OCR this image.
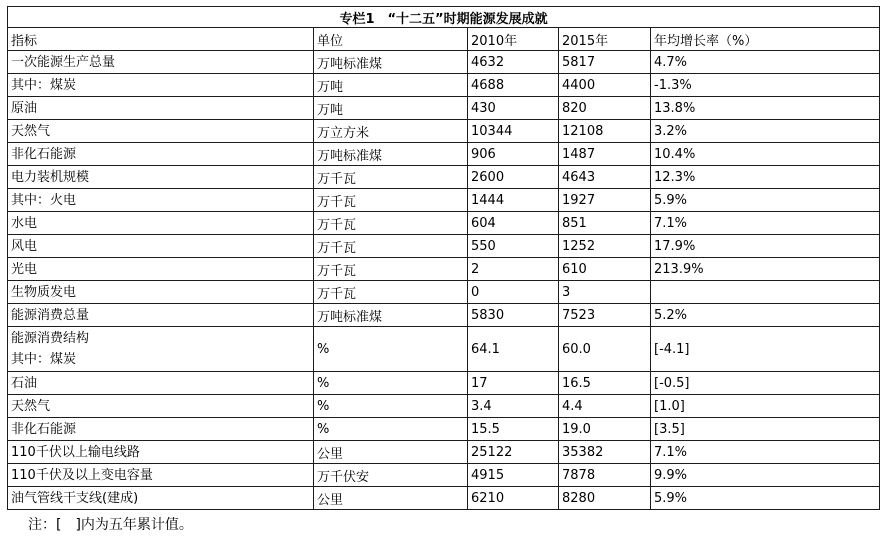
专栏1　“十二五”时期能源发展成就				
指标	单位	2010年	2015年	年均增长率（%）

一次能源生产总量	万吨标准煤	4632	5817	4.7%

其中：煤炭	万吨	4688	4400	-1.3%

原油	万吨	430	820	13.8%

天然气	万立方米	10344	12108	3.2%

非化石能源	万吨标准煤	906	1487	10.4%

电力装机规模	万千瓦	2600	4643	12.3%

其中：火电	万千瓦	1444	1927	5.9%

水电	万千瓦	604	851	7.1%

风电	万千瓦	550	1252	17.9%

光电	万千瓦	2	610	213.9%

生物质发电	万千瓦	0	3	

能源消费总量	万吨标准煤	5830	7523	5.2%

能源消费结构
其中：煤炭	%	64.1	60.0	[-4.1]

石油	%	17	16.5	[-0.5]

天然气	%	3.4	4.4	[1.0]

非化石能源	%	15.5	19.0	[3.5]

110千伏以上输电线路	公里	25122	35382	7.1%

110千伏及以上变电容量	万千伏安	4915	7878	9.9%

油气管线干支线(建成)	公里	6210	8280	5.9%
注：[　]内为五年累计值。
